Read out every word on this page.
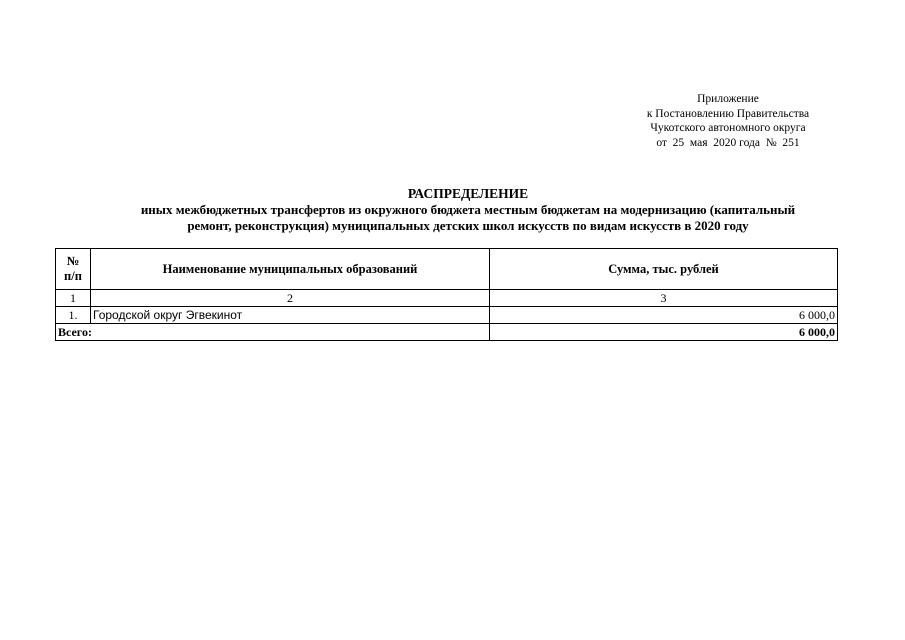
Приложение
к Постановлению Правительства
Чукотского автономного округа
от  25  мая  2020 года  №  251
РАСПРЕДЕЛЕНИЕ
иных межбюджетных трансфертов из окружного бюджета местным бюджетам на модернизацию (капитальный
ремонт, реконструкция) муниципальных детских школ искусств по видам искусств в 2020 году
№
п/п	Наименование муниципальных образований	Сумма, тыс. рублей
1	2	3
1.	Городской округ Эгвекинот	6 000,0
Всего:		6 000,0
